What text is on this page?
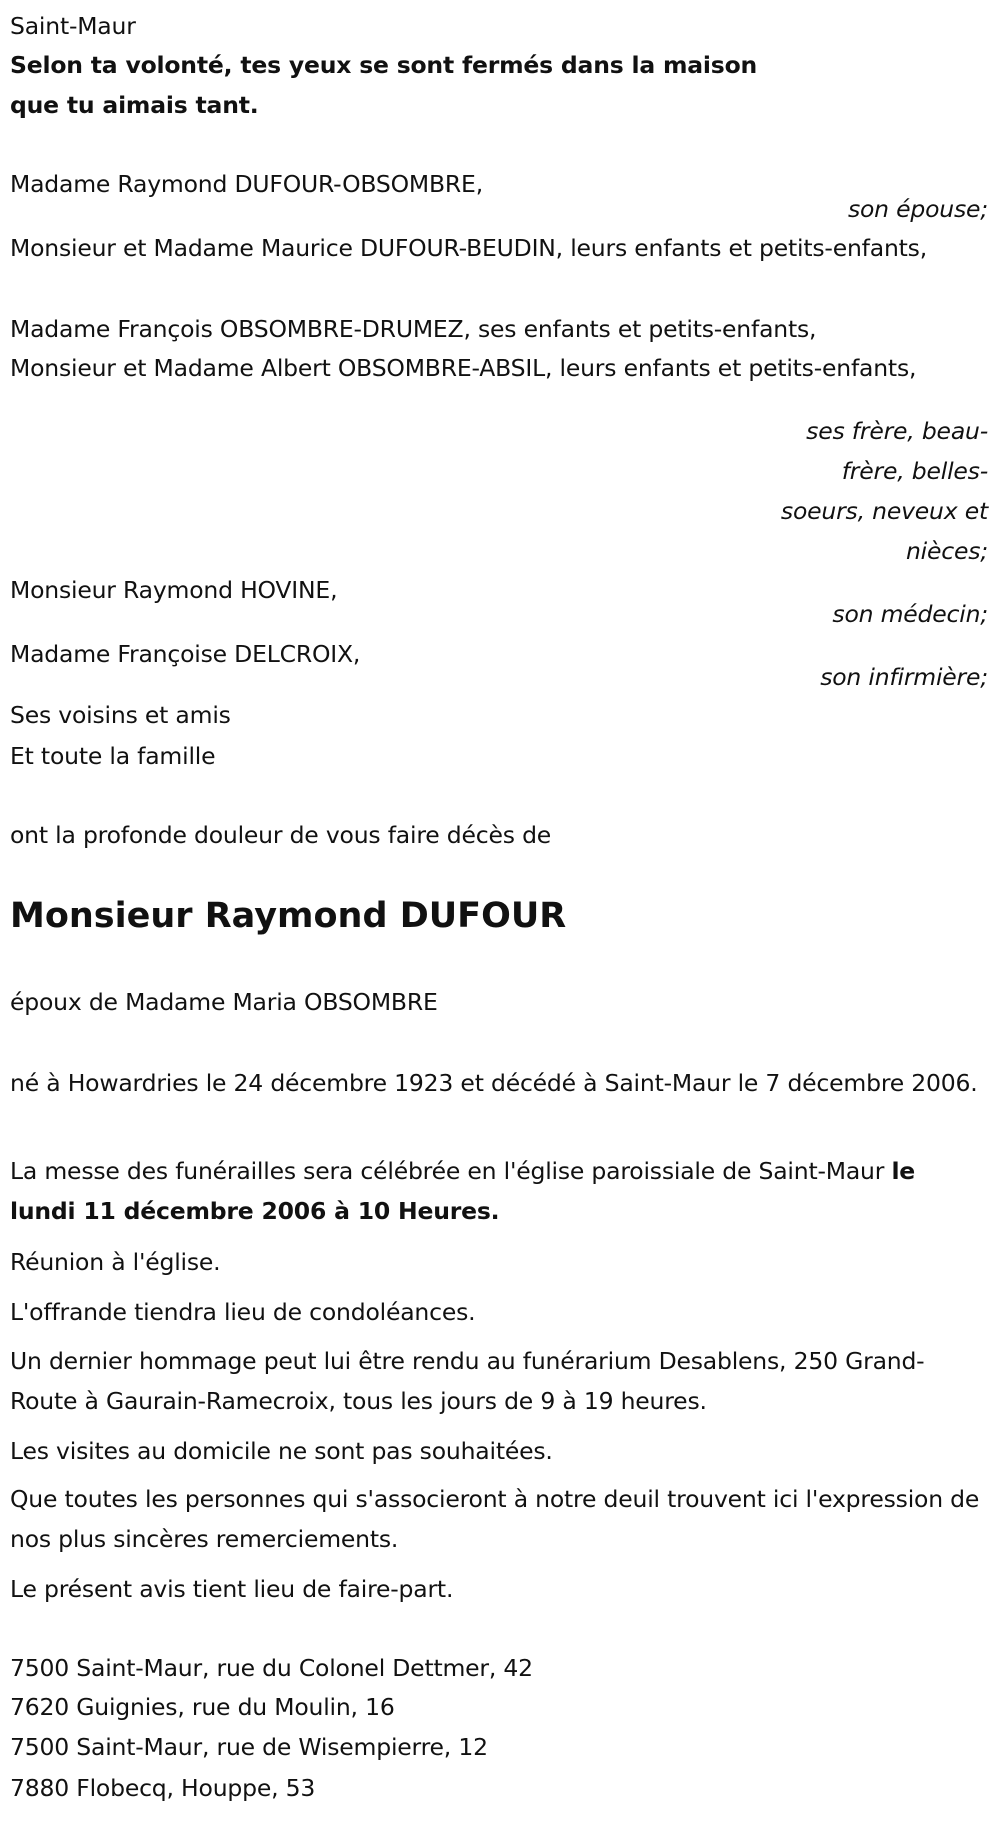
Saint-Maur
Selon ta volonté, tes yeux se sont fermés dans la maison que tu aimais tant.
Madame Raymond DUFOUR-OBSOMBRE,
son épouse;
Monsieur et Madame Maurice DUFOUR-BEUDIN, leurs enfants et petits-enfants,
Madame François OBSOMBRE-DRUMEZ, ses enfants et petits-enfants,
Monsieur et Madame Albert OBSOMBRE-ABSIL, leurs enfants et petits-enfants,
ses frère, beau-frère, belles-soeurs, neveux et nièces;
Monsieur Raymond HOVINE,
son médecin;
Madame Françoise DELCROIX,
son infirmière;
Ses voisins et amis
Et toute la famille
ont la profonde douleur de vous faire décès de
Monsieur Raymond DUFOUR
époux de Madame Maria OBSOMBRE
né à Howardries le 24 décembre 1923 et décédé à Saint-Maur le 7 décembre 2006.
La messe des funérailles sera célébrée en l'église paroissiale de Saint-Maur le lundi 11 décembre 2006 à 10 Heures.
Réunion à l'église.
L'offrande tiendra lieu de condoléances.
Un dernier hommage peut lui être rendu au funérarium Desablens, 250 Grand-Route à Gaurain-Ramecroix, tous les jours de 9 à 19 heures.
Les visites au domicile ne sont pas souhaitées.
Que toutes les personnes qui s'associeront à notre deuil trouvent ici l'expression de nos plus sincères remerciements.
Le présent avis tient lieu de faire-part.
7500 Saint-Maur, rue du Colonel Dettmer, 42
7620 Guignies, rue du Moulin, 16
7500 Saint-Maur, rue de Wisempierre, 12
7880 Flobecq, Houppe, 53
